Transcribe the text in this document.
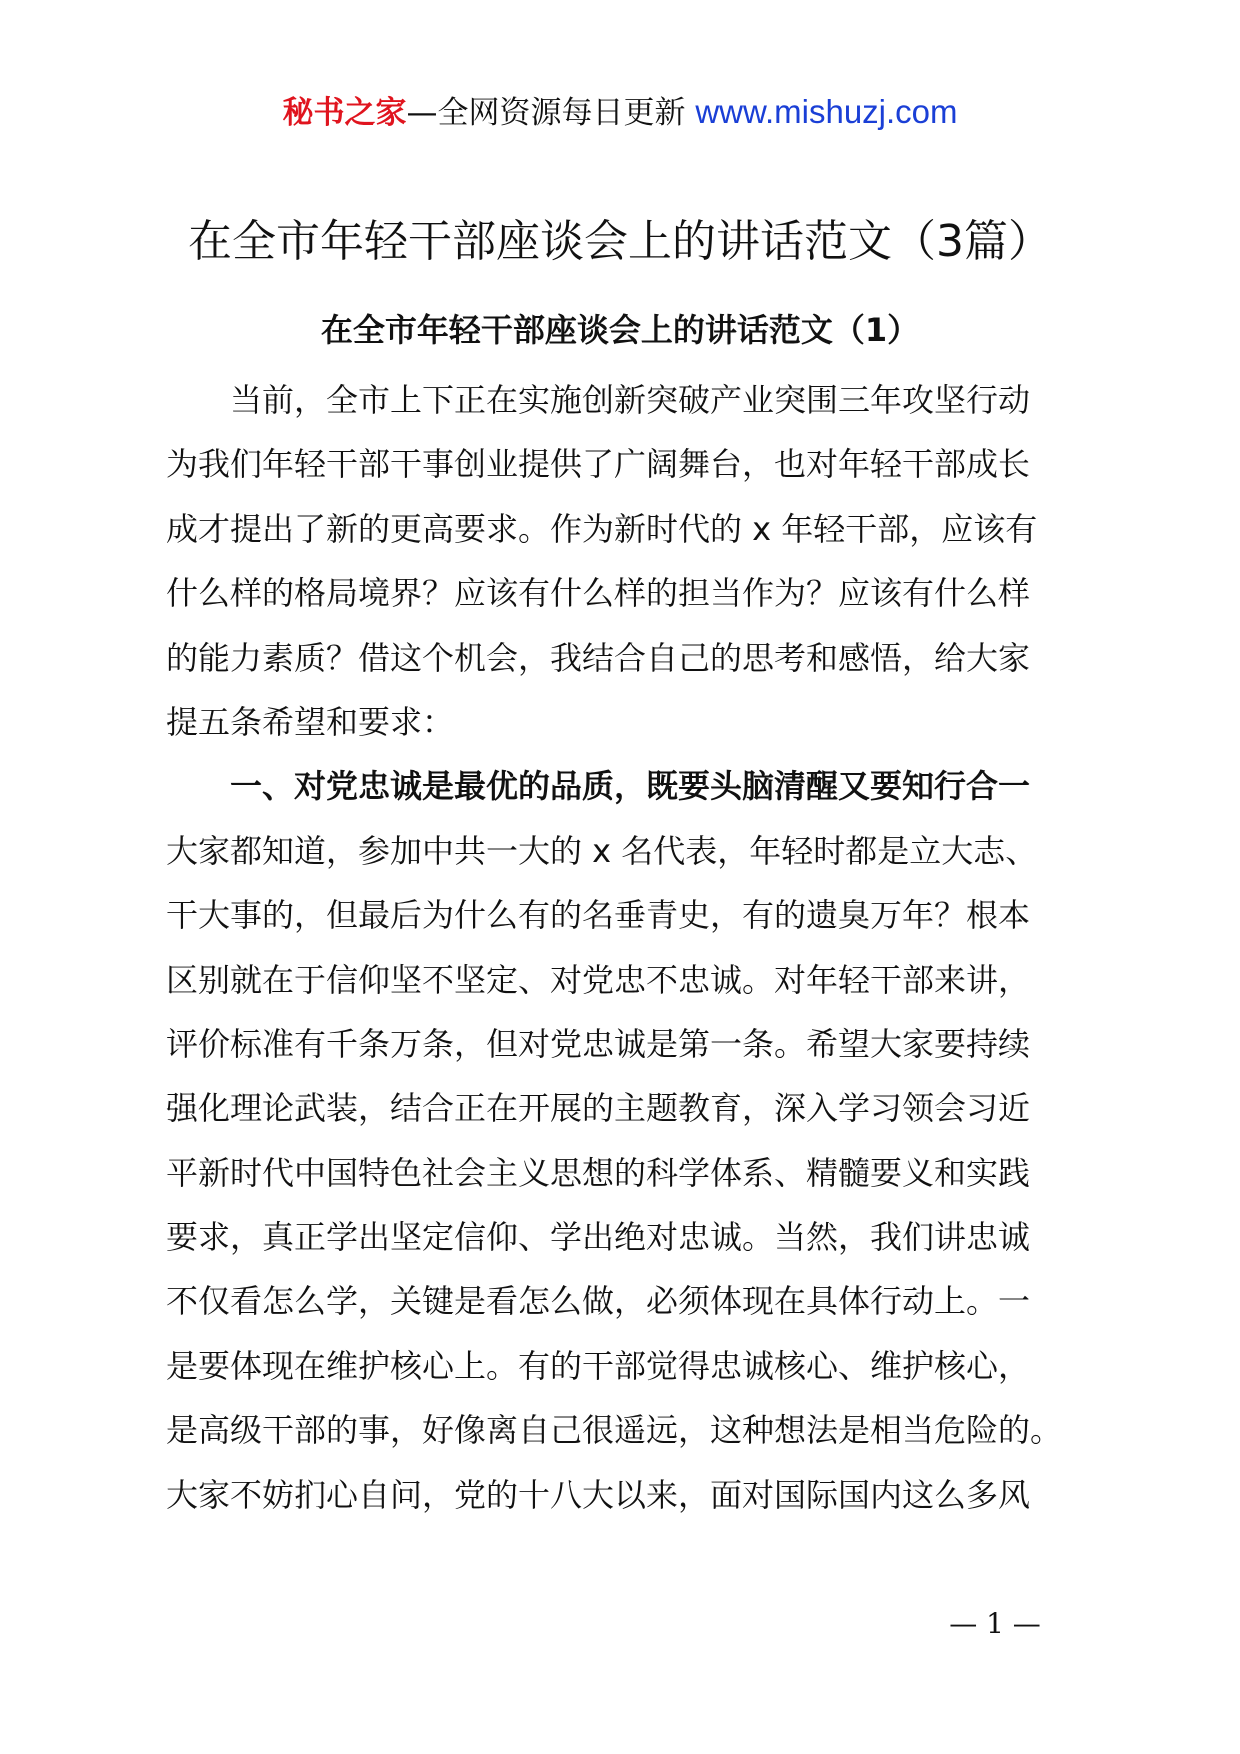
秘书之家—全网资源每日更新 www.mishuzj.com
在全市年轻干部座谈会上的讲话范文（3篇）
在全市年轻干部座谈会上的讲话范文（1）
　　当前，全市上下正在实施创新突破产业突围三年攻坚行动
为我们年轻干部干事创业提供了广阔舞台，也对年轻干部成长
成才提出了新的更高要求。作为新时代的 x 年轻干部，应该有
什么样的格局境界？应该有什么样的担当作为？应该有什么样
的能力素质？借这个机会，我结合自己的思考和感悟，给大家
提五条希望和要求：
　　一、对党忠诚是最优的品质，既要头脑清醒又要知行合一
大家都知道，参加中共一大的 x 名代表，年轻时都是立大志、
干大事的，但最后为什么有的名垂青史，有的遗臭万年？根本
区别就在于信仰坚不坚定、对党忠不忠诚。对年轻干部来讲，
评价标准有千条万条，但对党忠诚是第一条。希望大家要持续
强化理论武装，结合正在开展的主题教育，深入学习领会习近
平新时代中国特色社会主义思想的科学体系、精髓要义和实践
要求，真正学出坚定信仰、学出绝对忠诚。当然，我们讲忠诚
不仅看怎么学，关键是看怎么做，必须体现在具体行动上。一
是要体现在维护核心上。有的干部觉得忠诚核心、维护核心，
是高级干部的事，好像离自己很遥远，这种想法是相当危险的。
大家不妨扪心自问，党的十八大以来，面对国际国内这么多风
— 1 —
